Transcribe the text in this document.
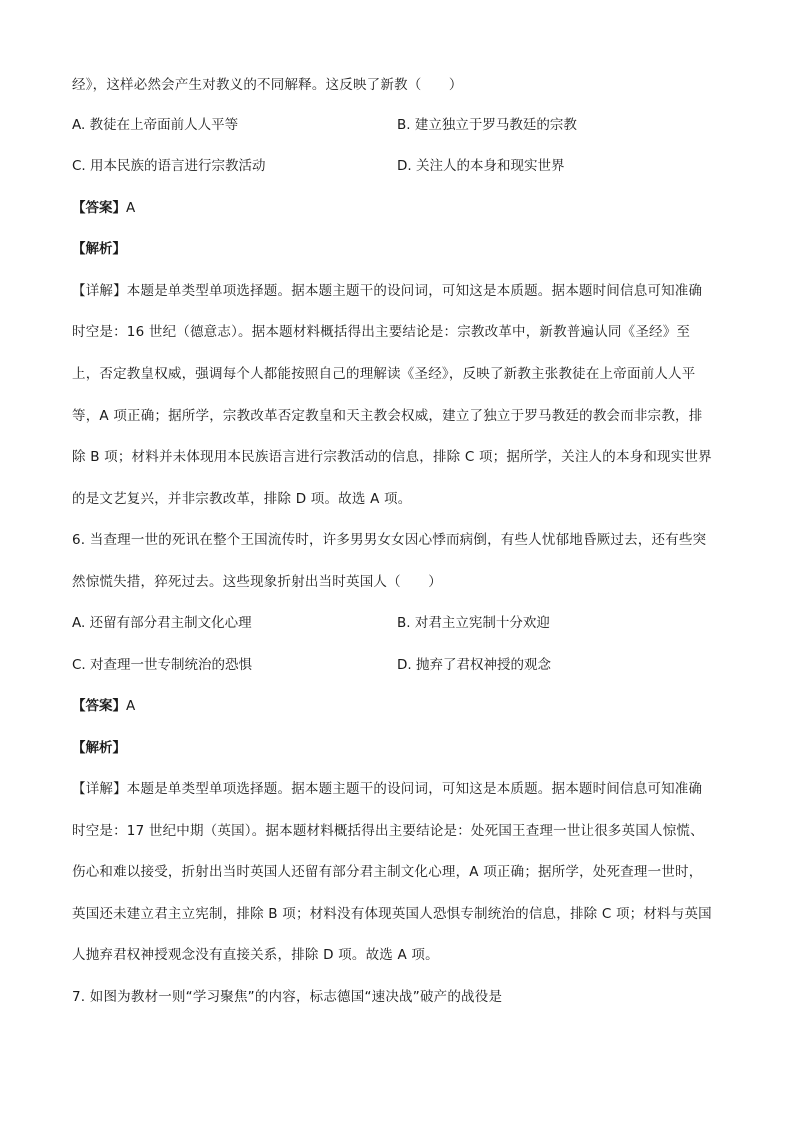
经》，这样必然会产生对教义的不同解释。这反映了新教（　　）
A. 教徒在上帝面前人人平等	B. 建立独立于罗马教廷的宗教
C. 用本民族的语言进行宗教活动	D. 关注人的本身和现实世界
【答案】A
【解析】
【详解】本题是单类型单项选择题。据本题主题干的设问词，可知这是本质题。据本题时间信息可知准确
时空是：16 世纪（德意志）。据本题材料概括得出主要结论是：宗教改革中，新教普遍认同《圣经》至
上，否定教皇权威，强调每个人都能按照自己的理解读《圣经》，反映了新教主张教徒在上帝面前人人平
等，A 项正确；据所学，宗教改革否定教皇和天主教会权威，建立了独立于罗马教廷的教会而非宗教，排
除 B 项；材料并未体现用本民族语言进行宗教活动的信息，排除 C 项；据所学，关注人的本身和现实世界
的是文艺复兴，并非宗教改革，排除 D 项。故选 A 项。
6. 当查理一世的死讯在整个王国流传时，许多男男女女因心悸而病倒，有些人忧郁地昏厥过去，还有些突
然惊慌失措，猝死过去。这些现象折射出当时英国人（　　）
A. 还留有部分君主制文化心理	B. 对君主立宪制十分欢迎
C. 对查理一世专制统治的恐惧	D. 抛弃了君权神授的观念
【答案】A
【解析】
【详解】本题是单类型单项选择题。据本题主题干的设问词，可知这是本质题。据本题时间信息可知准确
时空是：17 世纪中期（英国）。据本题材料概括得出主要结论是：处死国王查理一世让很多英国人惊慌、
伤心和难以接受，折射出当时英国人还留有部分君主制文化心理，A 项正确；据所学，处死查理一世时，
英国还未建立君主立宪制，排除 B 项；材料没有体现英国人恐惧专制统治的信息，排除 C 项；材料与英国
人抛弃君权神授观念没有直接关系，排除 D 项。故选 A 项。
7. 如图为教材一则“学习聚焦”的内容，标志德国“速决战”破产的战役是
